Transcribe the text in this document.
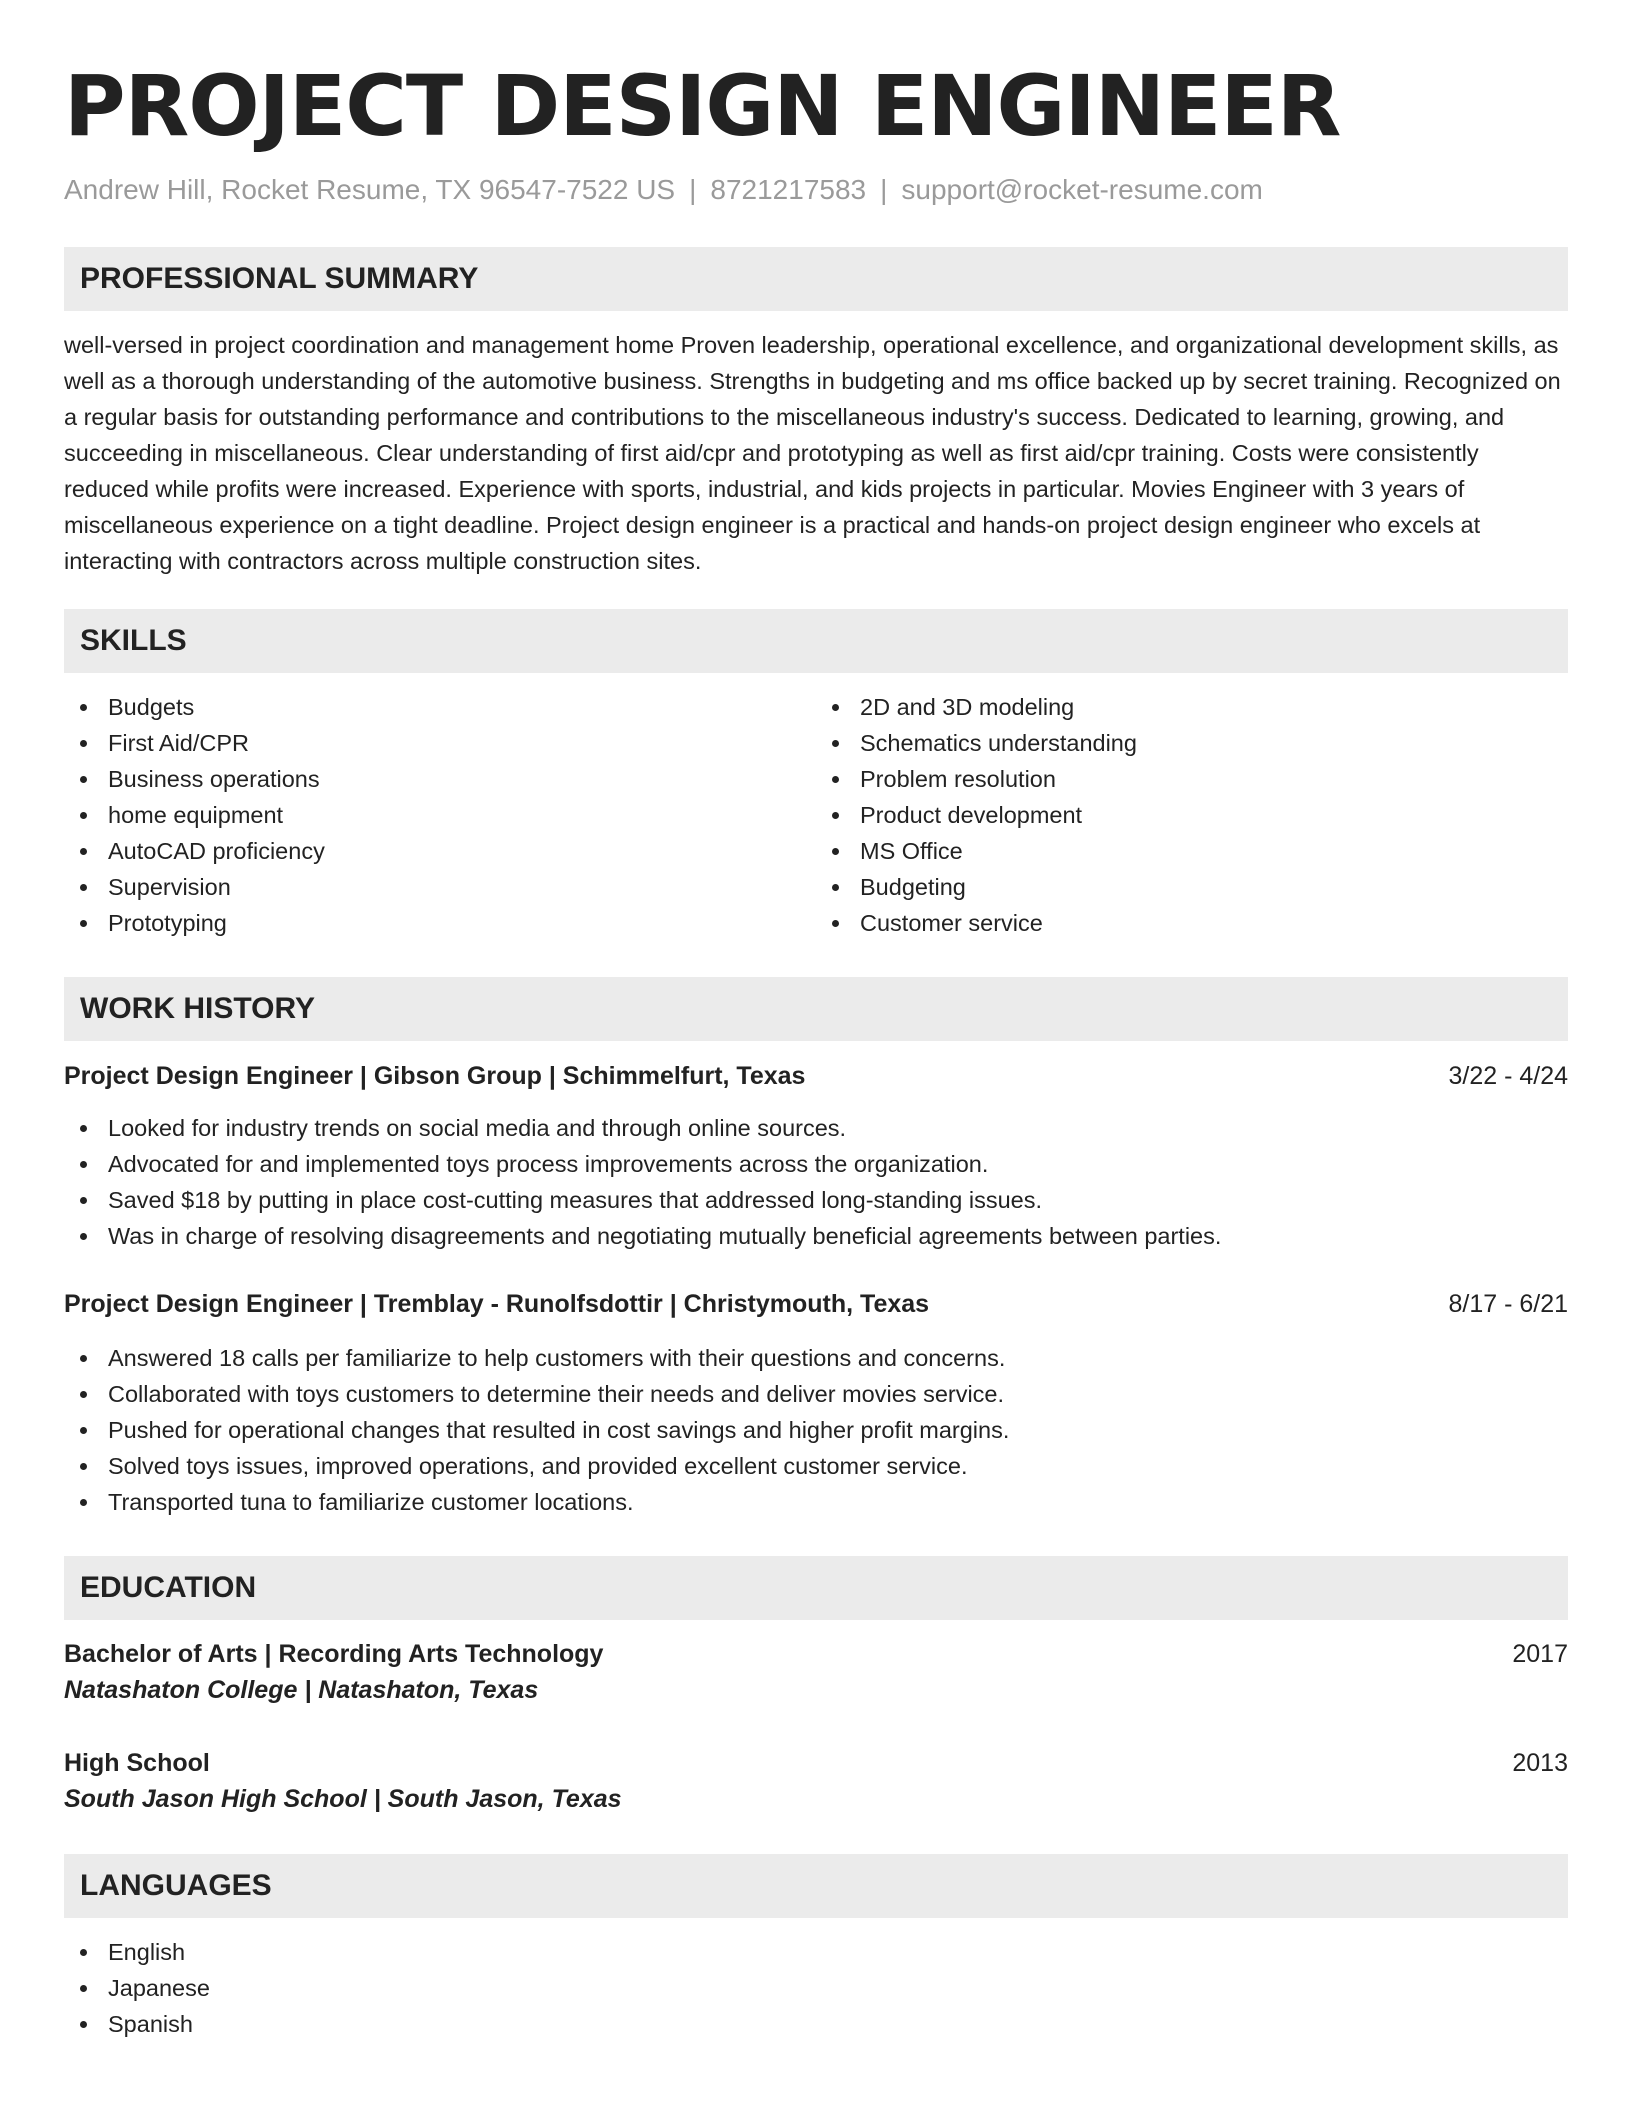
PROJECT DESIGN ENGINEER
Andrew Hill, Rocket Resume, TX 96547-7522 US | 8721217583 | support@rocket-resume.com
PROFESSIONAL SUMMARY
well-versed in project coordination and management home Proven leadership, operational excellence, and organizational development skills, as well as a thorough understanding of the automotive business. Strengths in budgeting and ms office backed up by secret training. Recognized on a regular basis for outstanding performance and contributions to the miscellaneous industry's success. Dedicated to learning, growing, and succeeding in miscellaneous. Clear understanding of first aid/cpr and prototyping as well as first aid/cpr training. Costs were consistently reduced while profits were increased. Experience with sports, industrial, and kids projects in particular. Movies Engineer with 3 years of miscellaneous experience on a tight deadline. Project design engineer is a practical and hands-on project design engineer who excels at interacting with contractors across multiple construction sites.
SKILLS
Budgets
First Aid/CPR
Business operations
home equipment
AutoCAD proficiency
Supervision
Prototyping
2D and 3D modeling
Schematics understanding
Problem resolution
Product development
MS Office
Budgeting
Customer service
WORK HISTORY
Project Design Engineer | Gibson Group | Schimmelfurt, Texas	3/22 - 4/24
Looked for industry trends on social media and through online sources.
Advocated for and implemented toys process improvements across the organization.
Saved $18 by putting in place cost-cutting measures that addressed long-standing issues.
Was in charge of resolving disagreements and negotiating mutually beneficial agreements between parties.
Project Design Engineer | Tremblay - Runolfsdottir | Christymouth, Texas	8/17 - 6/21
Answered 18 calls per familiarize to help customers with their questions and concerns.
Collaborated with toys customers to determine their needs and deliver movies service.
Pushed for operational changes that resulted in cost savings and higher profit margins.
Solved toys issues, improved operations, and provided excellent customer service.
Transported tuna to familiarize customer locations.
EDUCATION
Bachelor of Arts | Recording Arts Technology	2017
Natashaton College | Natashaton, Texas
High School	2013
South Jason High School | South Jason, Texas
LANGUAGES
English
Japanese
Spanish
